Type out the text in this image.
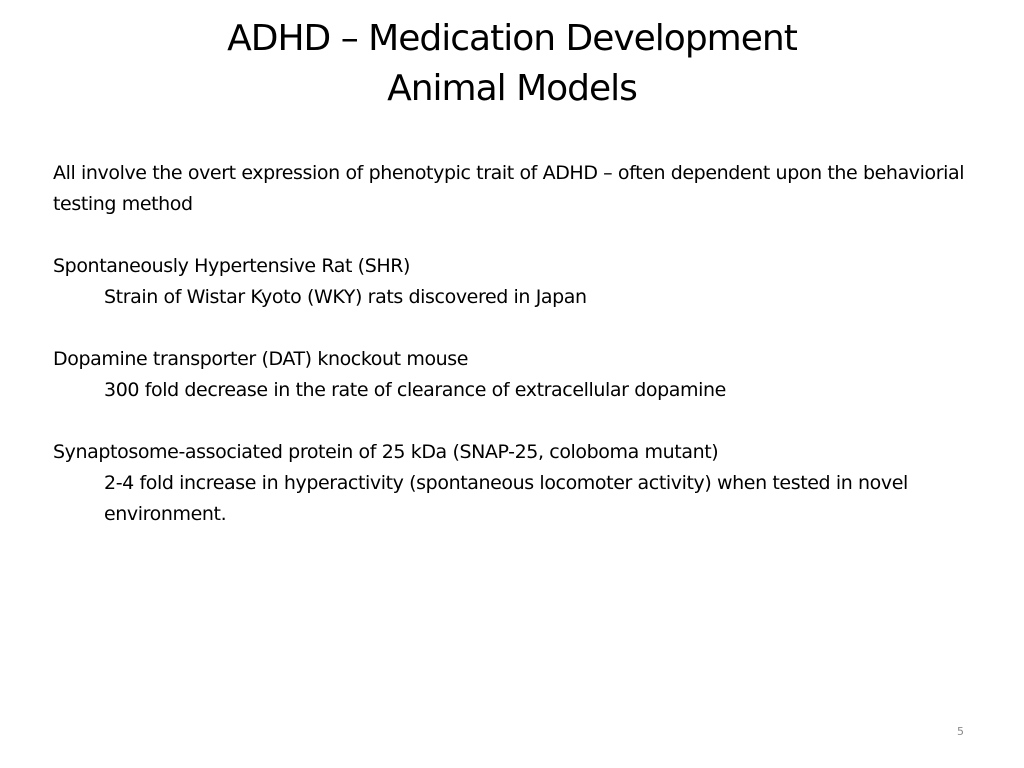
ADHD – Medication Development
Animal Models

All involve the overt expression of phenotypic trait of ADHD – often dependent upon the behaviorial testing method

Spontaneously Hypertensive Rat (SHR)

Strain of Wistar Kyoto (WKY) rats discovered in Japan

Dopamine transporter (DAT) knockout mouse

300 fold decrease in the rate of clearance of extracellular dopamine

Synaptosome-associated protein of 25 kDa (SNAP-25, coloboma mutant)

2-4 fold increase in hyperactivity (spontaneous locomoter activity) when tested in novel environment.

5
